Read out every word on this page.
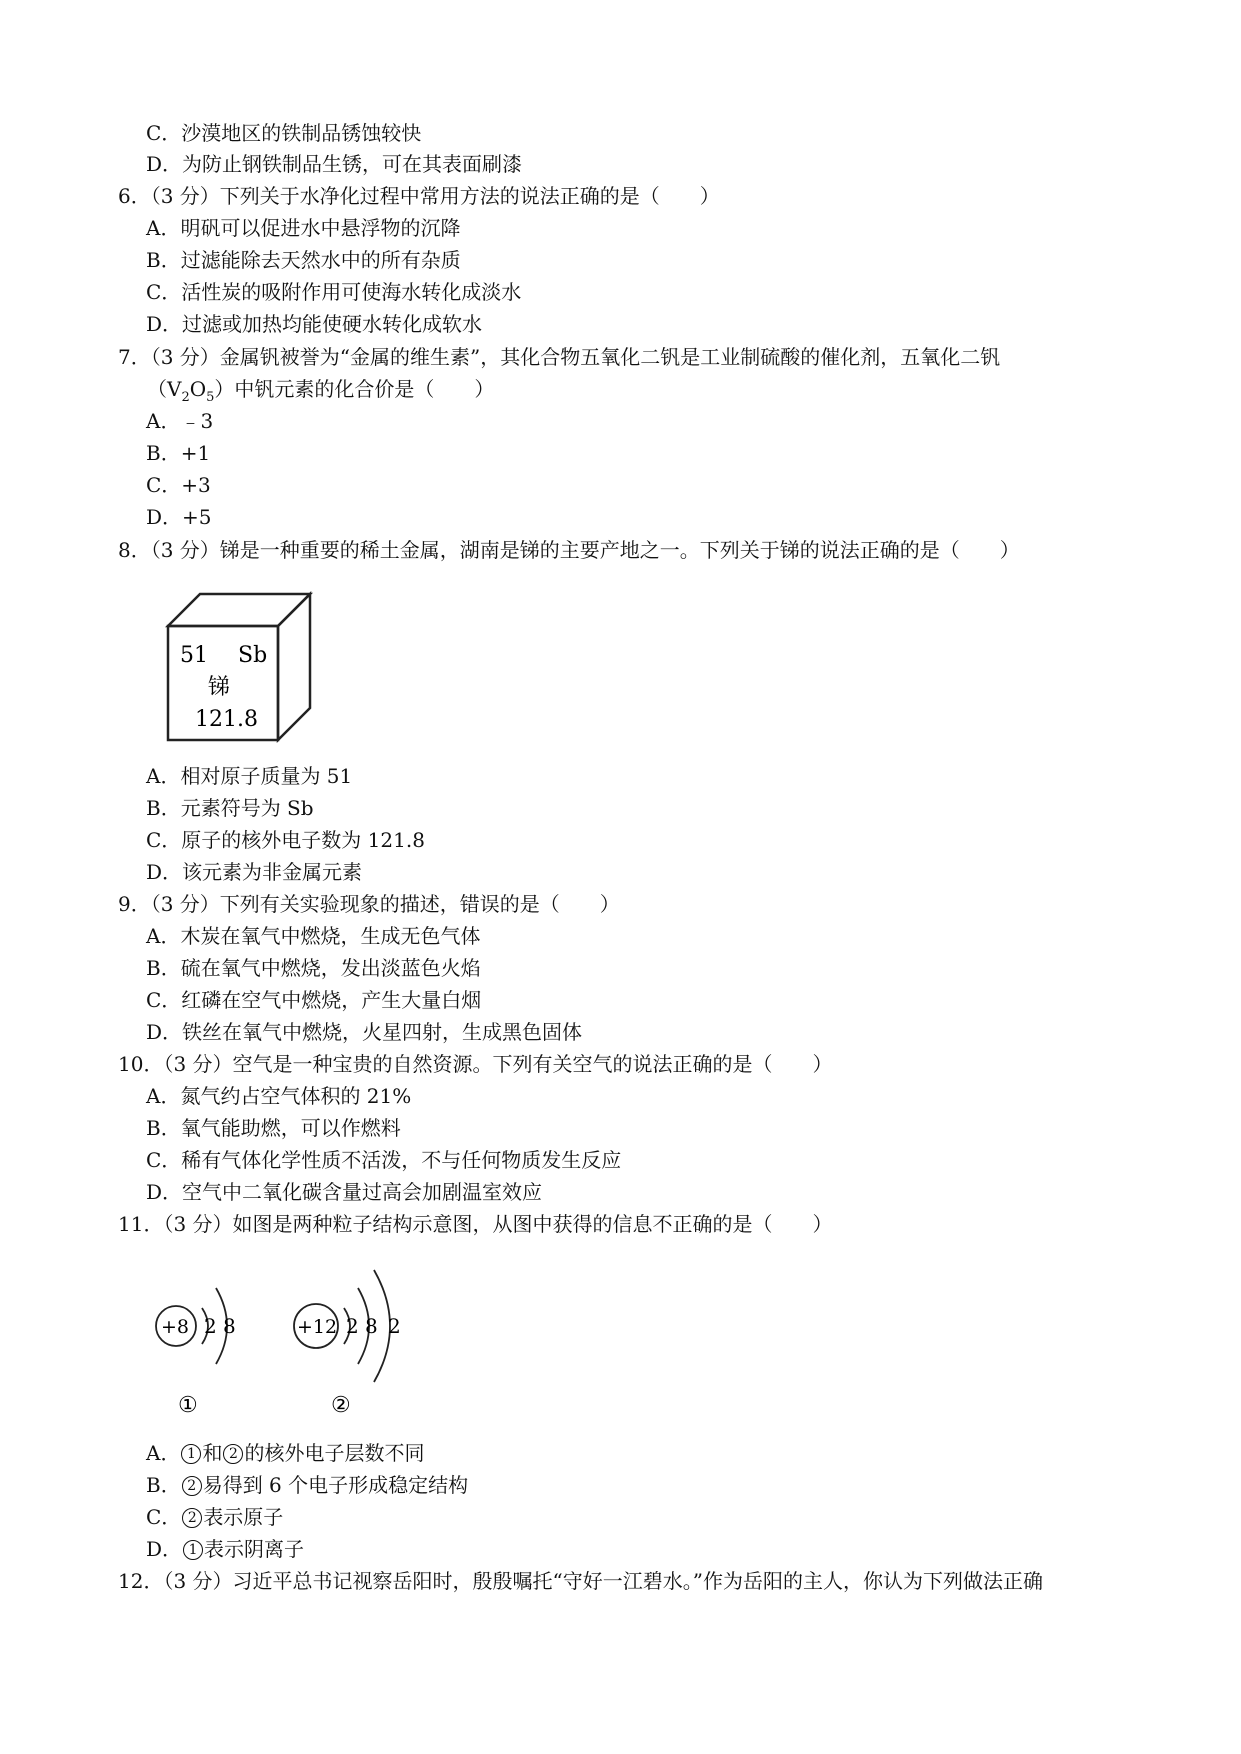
C．沙漠地区的铁制品锈蚀较快
D．为防止钢铁制品生锈，可在其表面刷漆
6．（3 分）下列关于水净化过程中常用方法的说法正确的是（　　）
A．明矾可以促进水中悬浮物的沉降
B．过滤能除去天然水中的所有杂质
C．活性炭的吸附作用可使海水转化成淡水
D．过滤或加热均能使硬水转化成软水
7．（3 分）金属钒被誉为“金属的维生素”，其化合物五氧化二钒是工业制硫酸的催化剂，五氧化二钒
$(V_2O_5)$中钒元素的化合价是（　　）
A．﹣3
B．+1
C．+3
D．+5
8．（3 分）锑是一种重要的稀土金属，湖南是锑的主要产地之一。下列关于锑的说法正确的是（　　）
51 Sb
锑
121.8
A．相对原子质量为 51
B．元素符号为 Sb
C．原子的核外电子数为 121.8
D．该元素为非金属元素
9．（3 分）下列有关实验现象的描述，错误的是（　　）
A．木炭在氧气中燃烧，生成无色气体
B．硫在氧气中燃烧，发出淡蓝色火焰
C．红磷在空气中燃烧，产生大量白烟
D．铁丝在氧气中燃烧，火星四射，生成黑色固体
10．（3 分）空气是一种宝贵的自然资源。下列有关空气的说法正确的是（　　）
A．氮气约占空气体积的 21%
B．氧气能助燃，可以作燃料
C．稀有气体化学性质不活泼，不与任何物质发生反应
D．空气中二氧化碳含量过高会加剧温室效应
11．（3 分）如图是两种粒子结构示意图，从图中获得的信息不正确的是（　　）
+8 2 8	+12 2 8 2
①	②
A． 1 和 2 的核外电子层数不同
B． 2 易得到 6 个电子形成稳定结构
C． 2 表示原子
D． 1 表示阴离子
12．（3 分）习近平总书记视察岳阳时，殷殷嘱托“守好一江碧水。”作为岳阳的主人，你认为下列做法正确
